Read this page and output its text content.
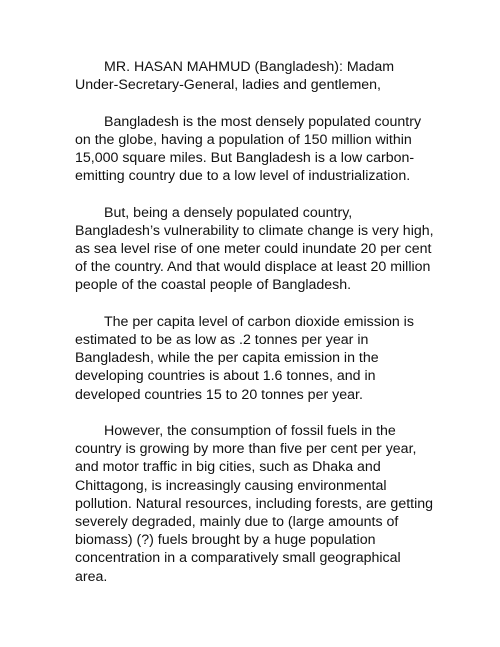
MR. HASAN MAHMUD (Bangladesh): Madam Under-Secretary-General, ladies and gentlemen,

Bangladesh is the most densely populated country on the globe, having a population of 150 million within 15,000 square miles. But Bangladesh is a low carbon-emitting country due to a low level of industrialization.

But, being a densely populated country, Bangladesh’s vulnerability to climate change is very high, as sea level rise of one meter could inundate 20 per cent of the country. And that would displace at least 20 million people of the coastal people of Bangladesh.

The per capita level of carbon dioxide emission is estimated to be as low as .2 tonnes per year in Bangladesh, while the per capita emission in the developing countries is about 1.6 tonnes, and in developed countries 15 to 20 tonnes per year.

However, the consumption of fossil fuels in the country is growing by more than five per cent per year, and motor traffic in big cities, such as Dhaka and Chittagong, is increasingly causing environmental pollution. Natural resources, including forests, are getting severely degraded, mainly due to (large amounts of biomass) (?) fuels brought by a huge population concentration in a comparatively small geographical area.
